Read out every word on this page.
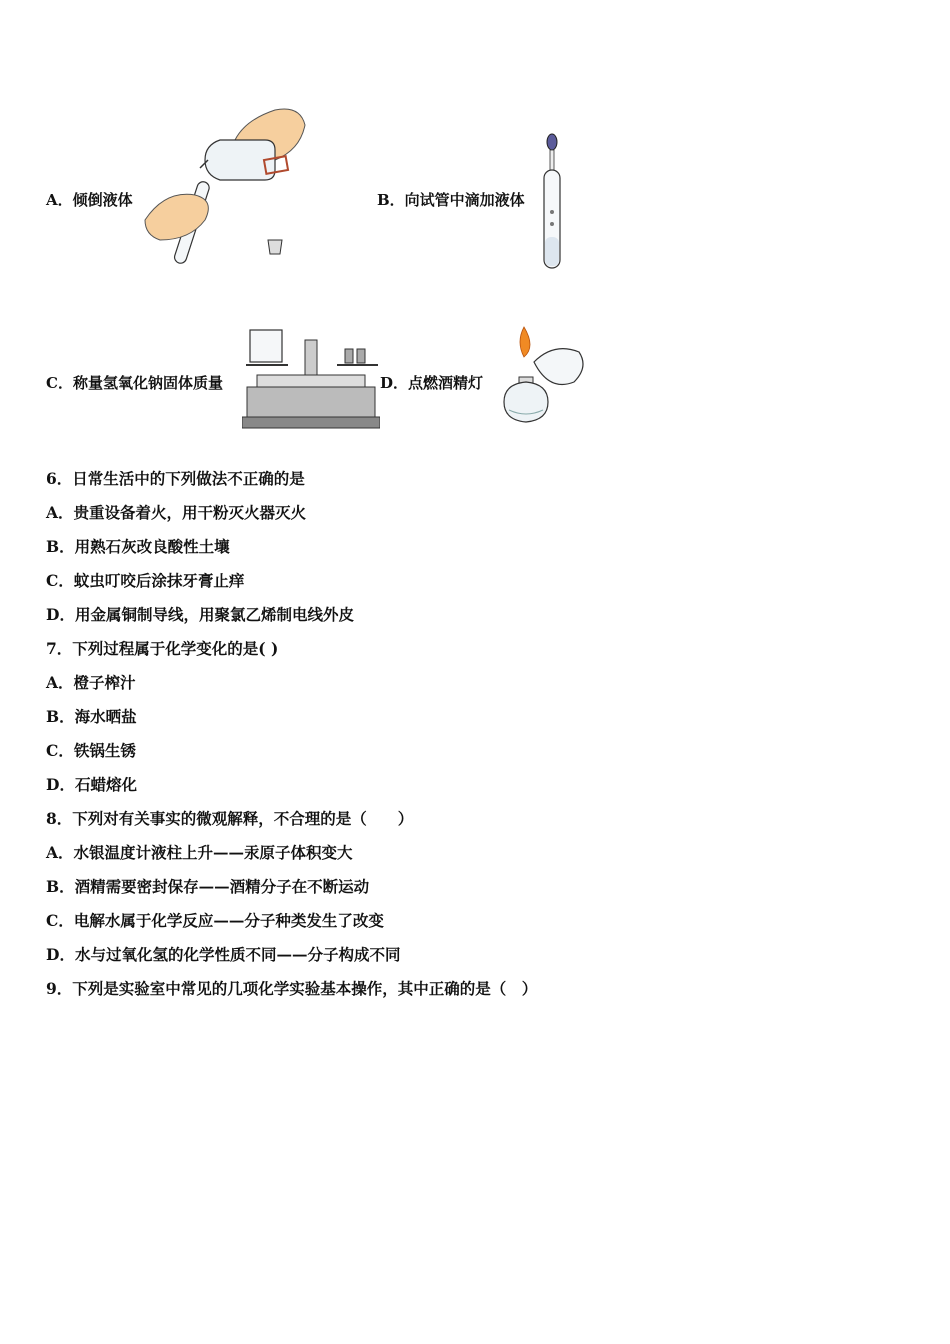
A．倾倒液体	B．向试管中滴加液体
C．称量氢氧化钠固体质量	D．点燃酒精灯
6．日常生活中的下列做法不正确的是
A．贵重设备着火，用干粉灭火器灭火
B．用熟石灰改良酸性土壤
C．蚊虫叮咬后涂抹牙膏止痒
D．用金属铜制导线，用聚氯乙烯制电线外皮
7．下列过程属于化学变化的是( )
A．橙子榨汁
B．海水晒盐
C．铁锅生锈
D．石蜡熔化
8．下列对有关事实的微观解释，不合理的是（　　）
A．水银温度计液柱上升——汞原子体积变大
B．酒精需要密封保存——酒精分子在不断运动
C．电解水属于化学反应——分子种类发生了改变
D．水与过氧化氢的化学性质不同——分子构成不同
9．下列是实验室中常见的几项化学实验基本操作，其中正确的是（　）
